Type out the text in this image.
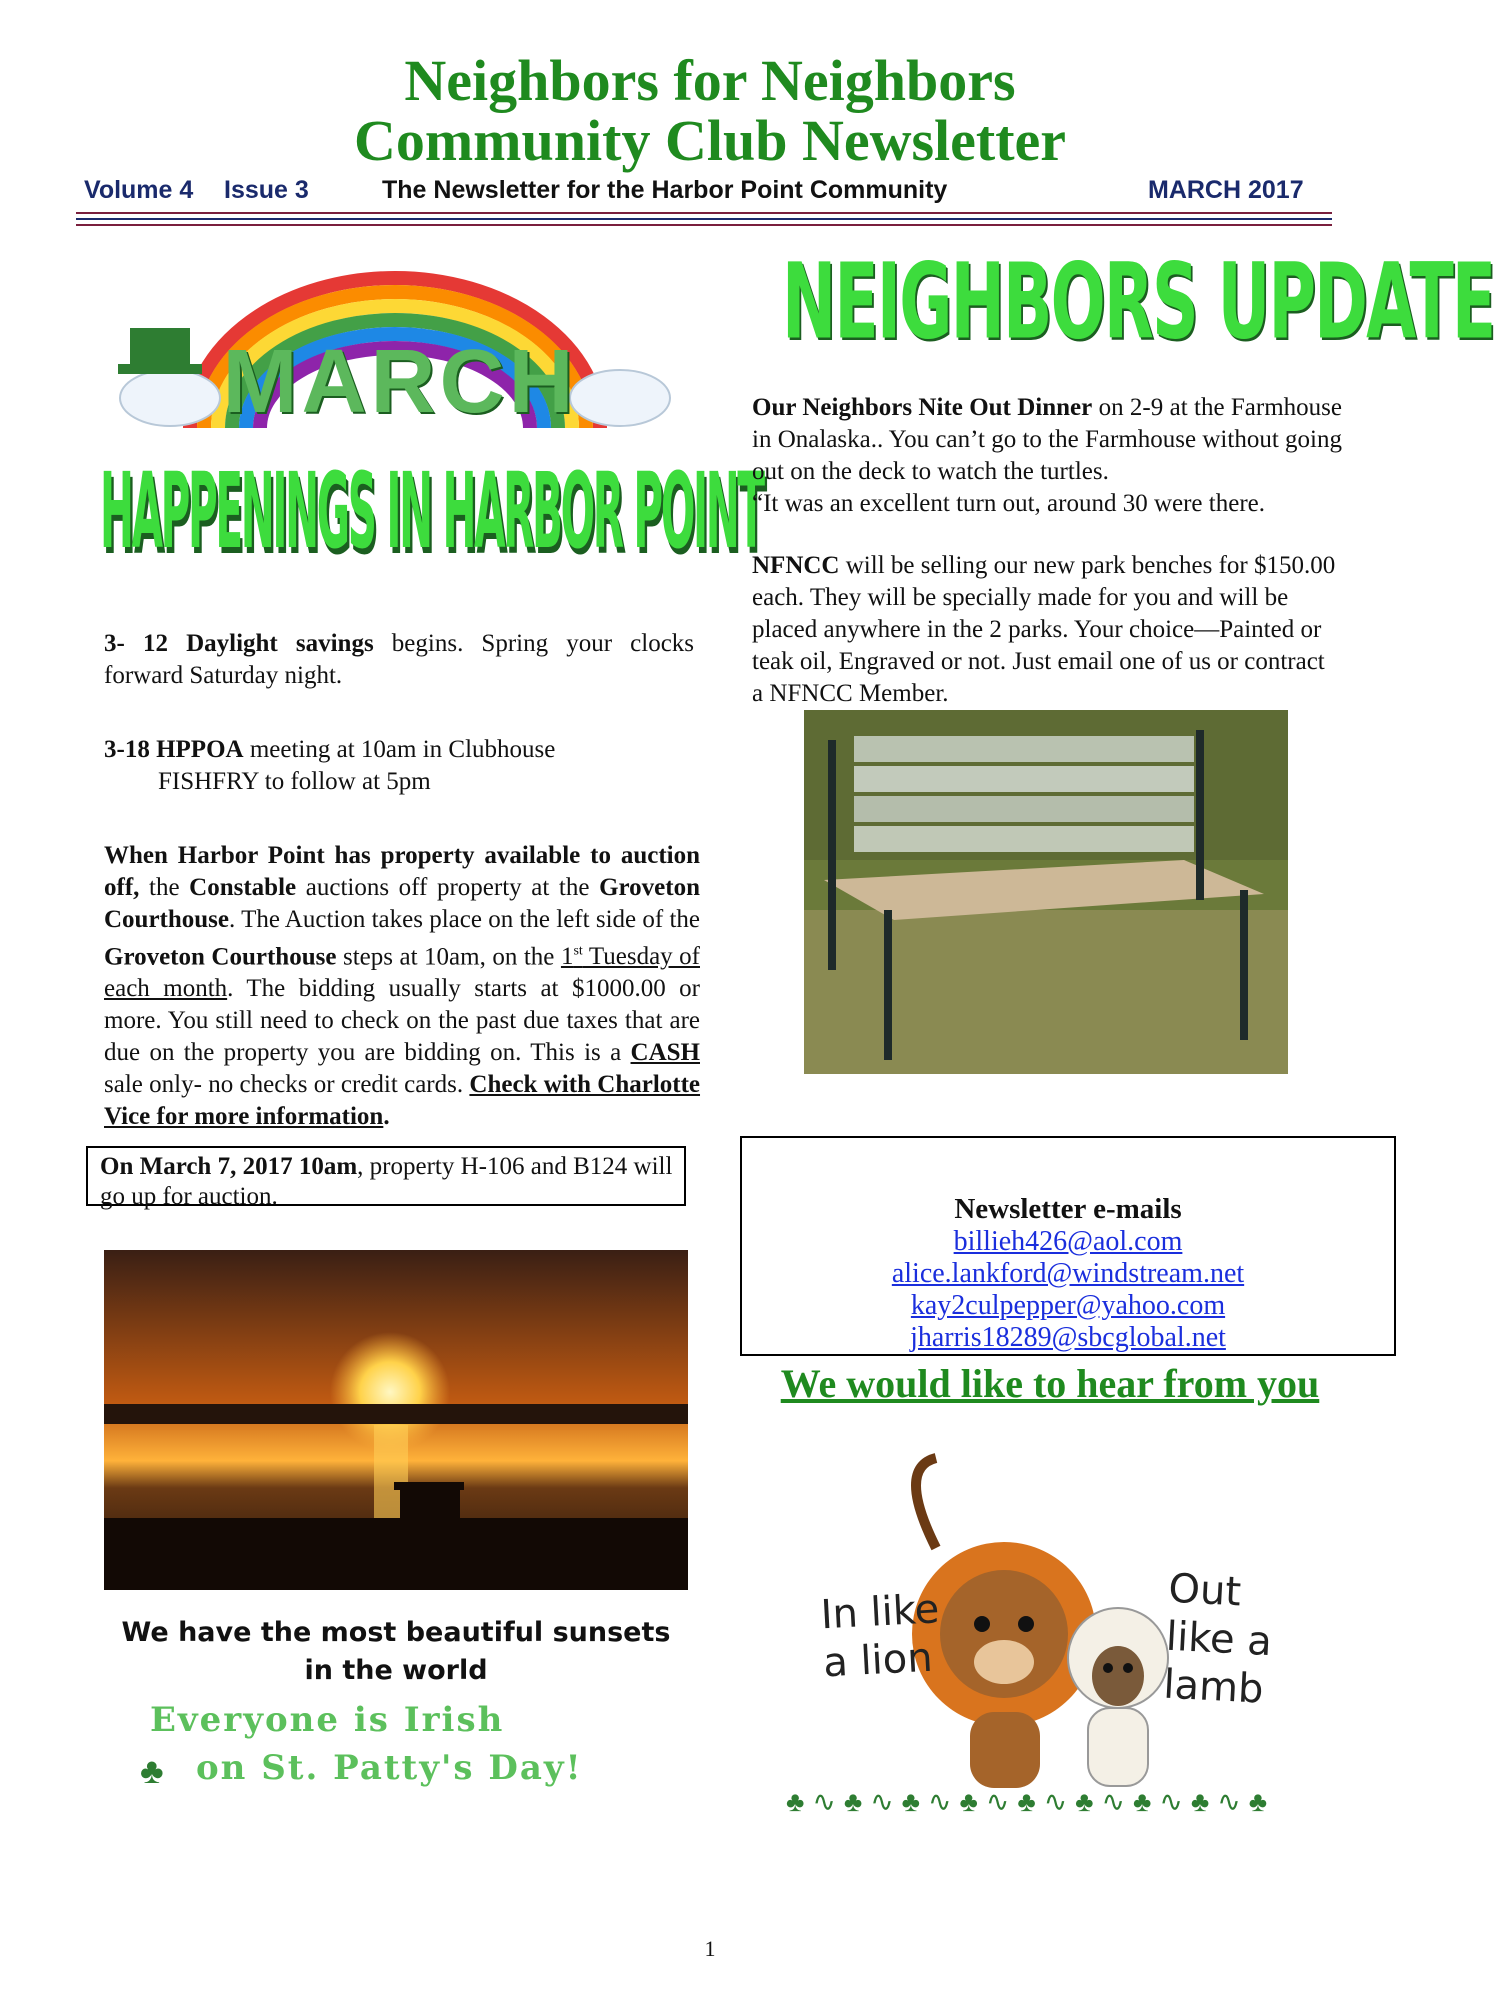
Neighbors for Neighbors
Community Club Newsletter
Volume 4 Issue 3	The Newsletter for the Harbor Point Community	MARCH 2017
MARCH
HAPPENINGS IN HARBOR POINT
3- 12 Daylight savings begins. Spring your clocks forward Saturday night.
3-18 HPPOA meeting at 10am in Clubhouse
FISHFRY to follow at 5pm
When Harbor Point has property available to auction off, the Constable auctions off property at the Groveton Courthouse. The Auction takes place on the left side of the Groveton Courthouse steps at 10am, on the 1st Tuesday of each month. The bidding usually starts at $1000.00 or more. You still need to check on the past due taxes that are due on the property you are bidding on. This is a CASH sale only- no checks or credit cards. Check with Charlotte Vice for more information.
On March 7, 2017 10am, property H-106 and B124 will go up for auction.
We have the most beautiful sunsets
in the world
Everyone is Irish
♣ on St. Patty's Day!
NEIGHBORS UPDATE
Our Neighbors Nite Out Dinner on 2-9 at the Farmhouse in Onalaska.. You can’t go to the Farmhouse without going out on the deck to watch the turtles.
“It was an excellent turn out, around 30 were there.
NFNCC will be selling our new park benches for $150.00 each. They will be specially made for you and will be placed anywhere in the 2 parks. Your choice—Painted or teak oil, Engraved or not. Just email one of us or contract a NFNCC Member.
Newsletter e-mails
billieh426@aol.com
alice.lankford@windstream.net
kay2culpepper@yahoo.com
jharris18289@sbcglobal.net
We would like to hear from you
In like a lion
Out like a lamb
♣∿♣∿♣∿♣∿♣∿♣∿♣∿♣∿♣
1
